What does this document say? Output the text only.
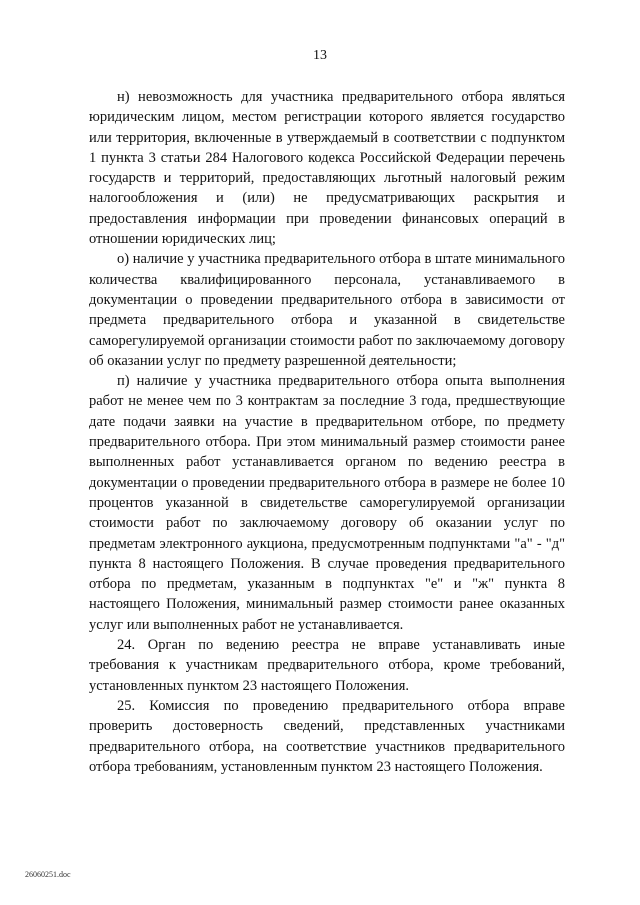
13

н) невозможность для участника предварительного отбора являться юридическим лицом, местом регистрации которого является государство или территория, включенные в утверждаемый в соответствии с подпунктом 1 пункта 3 статьи 284 Налогового кодекса Российской Федерации перечень государств и территорий, предоставляющих льготный налоговый режим налогообложения и (или) не предусматривающих раскрытия и предоставления информации при проведении финансовых операций в отношении юридических лиц;

о) наличие у участника предварительного отбора в штате минимального количества квалифицированного персонала, устанавливаемого в документации о проведении предварительного отбора в зависимости от предмета предварительного отбора и указанной в свидетельстве саморегулируемой организации стоимости работ по заключаемому договору об оказании услуг по предмету разрешенной деятельности;

п) наличие у участника предварительного отбора опыта выполнения работ не менее чем по 3 контрактам за последние 3 года, предшествующие дате подачи заявки на участие в предварительном отборе, по предмету предварительного отбора. При этом минимальный размер стоимости ранее выполненных работ устанавливается органом по ведению реестра в документации о проведении предварительного отбора в размере не более 10 процентов указанной в свидетельстве саморегулируемой организации стоимости работ по заключаемому договору об оказании услуг по предметам электронного аукциона, предусмотренным подпунктами "а" - "д" пункта 8 настоящего Положения. В случае проведения предварительного отбора по предметам, указанным в подпунктах "е" и "ж" пункта 8 настоящего Положения, минимальный размер стоимости ранее оказанных услуг или выполненных работ не устанавливается.

24. Орган по ведению реестра не вправе устанавливать иные требования к участникам предварительного отбора, кроме требований, установленных пунктом 23 настоящего Положения.

25. Комиссия по проведению предварительного отбора вправе проверить достоверность сведений, представленных участниками предварительного отбора, на соответствие участников предварительного отбора требованиям, установленным пунктом 23 настоящего Положения.

26060251.doc
